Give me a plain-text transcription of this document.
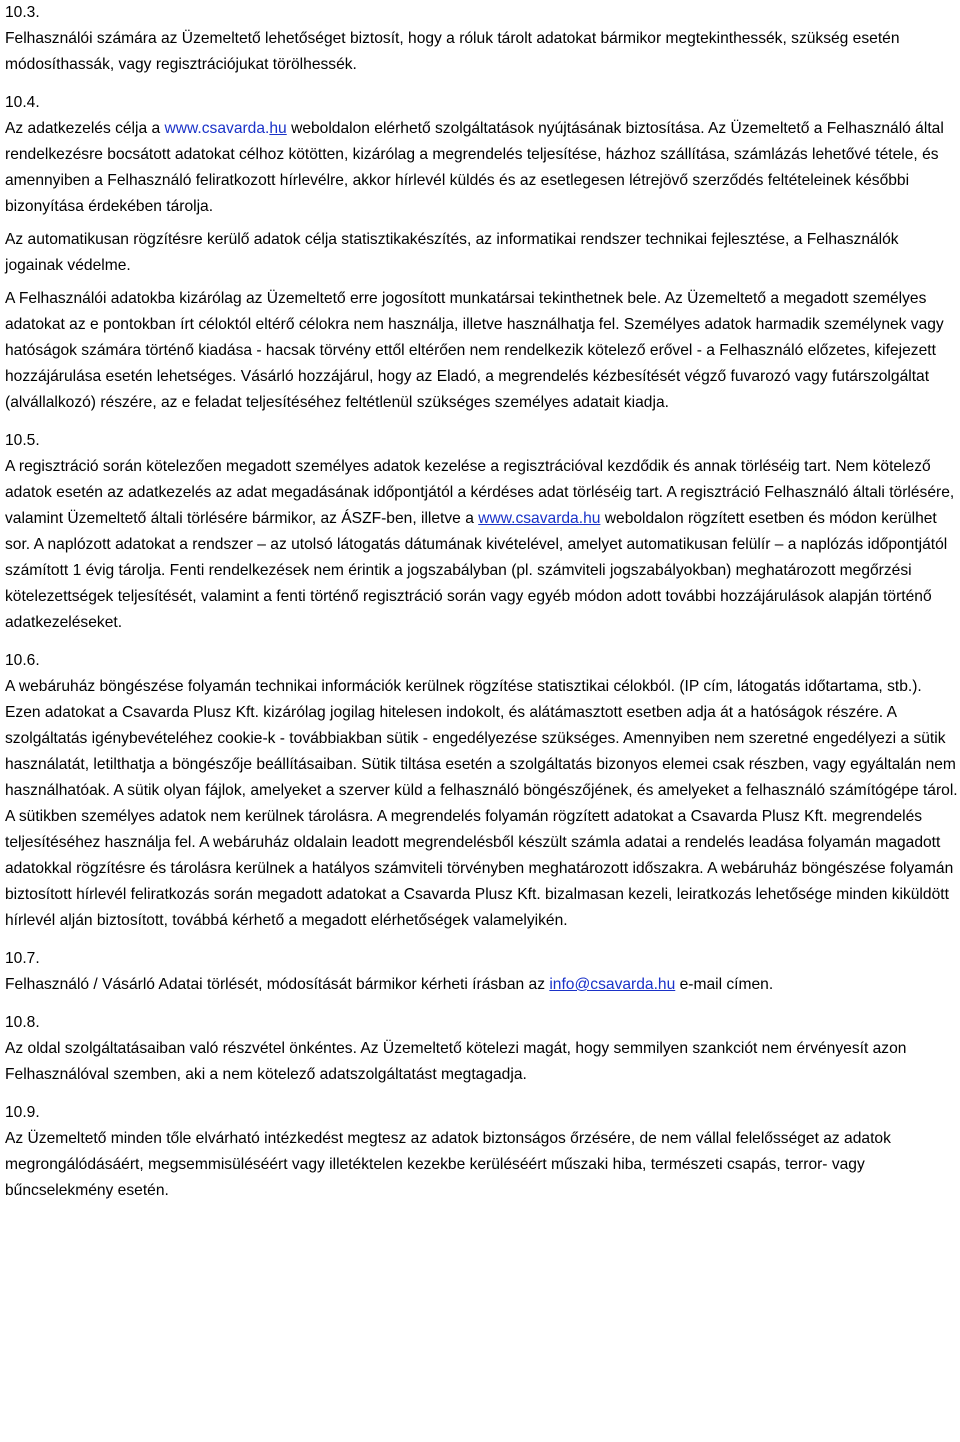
10.3.

Felhasználói számára az Üzemeltető lehetőséget biztosít, hogy a róluk tárolt adatokat bármikor megtekinthessék, szükség esetén módosíthassák, vagy regisztrációjukat törölhessék.

10.4.

Az adatkezelés célja a www.csavarda.hu weboldalon elérhető szolgáltatások nyújtásának biztosítása. Az Üzemeltető a Felhasználó által rendelkezésre bocsátott adatokat célhoz kötötten, kizárólag a megrendelés teljesítése, házhoz szállítása, számlázás lehetővé tétele, és amennyiben a Felhasználó feliratkozott hírlevélre, akkor hírlevél küldés és az esetlegesen létrejövő szerződés feltételeinek későbbi bizonyítása érdekében tárolja.

Az automatikusan rögzítésre kerülő adatok célja statisztikakészítés, az informatikai rendszer technikai fejlesztése, a Felhasználók jogainak védelme.

A Felhasználói adatokba kizárólag az Üzemeltető erre jogosított munkatársai tekinthetnek bele. Az Üzemeltető a megadott személyes adatokat az e pontokban írt céloktól eltérő célokra nem használja, illetve használhatja fel. Személyes adatok harmadik személynek vagy hatóságok számára történő kiadása - hacsak törvény ettől eltérően nem rendelkezik kötelező erővel - a Felhasználó előzetes, kifejezett hozzájárulása esetén lehetséges. Vásárló hozzájárul, hogy az Eladó, a megrendelés kézbesítését végző fuvarozó vagy futárszolgáltat (alvállalkozó) részére, az e feladat teljesítéséhez feltétlenül szükséges személyes adatait kiadja.

10.5.

A regisztráció során kötelezően megadott személyes adatok kezelése a regisztrációval kezdődik és annak törléséig tart. Nem kötelező adatok esetén az adatkezelés az adat megadásának időpontjától a kérdéses adat törléséig tart. A regisztráció Felhasználó általi törlésére, valamint Üzemeltető általi törlésére bármikor, az ÁSZF-ben, illetve a www.csavarda.hu weboldalon rögzített esetben és módon kerülhet sor. A naplózott adatokat a rendszer – az utolsó látogatás dátumának kivételével, amelyet automatikusan felülír – a naplózás időpontjától számított 1 évig tárolja. Fenti rendelkezések nem érintik a jogszabályban (pl. számviteli jogszabályokban) meghatározott megőrzési kötelezettségek teljesítését, valamint a fenti történő regisztráció során vagy egyéb módon adott további hozzájárulások alapján történő adatkezeléseket.

10.6.

A webáruház böngészése folyamán technikai információk kerülnek rögzítése statisztikai célokból. (IP cím, látogatás időtartama, stb.). Ezen adatokat a Csavarda Plusz Kft. kizárólag jogilag hitelesen indokolt, és alátámasztott esetben adja át a hatóságok részére. A szolgáltatás igénybevételéhez cookie-k - továbbiakban sütik - engedélyezése szükséges. Amennyiben nem szeretné engedélyezi a sütik használatát, letilthatja a böngészője beállításaiban. Sütik tiltása esetén a szolgáltatás bizonyos elemei csak részben, vagy egyáltalán nem használhatóak. A sütik olyan fájlok, amelyeket a szerver küld a felhasználó böngészőjének, és amelyeket a felhasználó számítógépe tárol. A sütikben személyes adatok nem kerülnek tárolásra. A megrendelés folyamán rögzített adatokat a Csavarda Plusz Kft. megrendelés teljesítéséhez használja fel. A webáruház oldalain leadott megrendelésből készült számla adatai a rendelés leadása folyamán magadott adatokkal rögzítésre és tárolásra kerülnek a hatályos számviteli törvényben meghatározott időszakra. A webáruház böngészése folyamán biztosított hírlevél feliratkozás során megadott adatokat a Csavarda Plusz Kft. bizalmasan kezeli, leiratkozás lehetősége minden kiküldött hírlevél alján biztosított, továbbá kérhető a megadott elérhetőségek valamelyikén.

10.7.

Felhasználó / Vásárló Adatai törlését, módosítását bármikor kérheti írásban az info@csavarda.hu e-mail címen.

10.8.

Az oldal szolgáltatásaiban való részvétel önkéntes. Az Üzemeltető kötelezi magát, hogy semmilyen szankciót nem érvényesít azon Felhasználóval szemben, aki a nem kötelező adatszolgáltatást megtagadja.

10.9.

Az Üzemeltető minden tőle elvárható intézkedést megtesz az adatok biztonságos őrzésére, de nem vállal felelősséget az adatok megrongálódásáért, megsemmisüléséért vagy illetéktelen kezekbe kerüléséért műszaki hiba, természeti csapás, terror- vagy bűncselekmény esetén.
